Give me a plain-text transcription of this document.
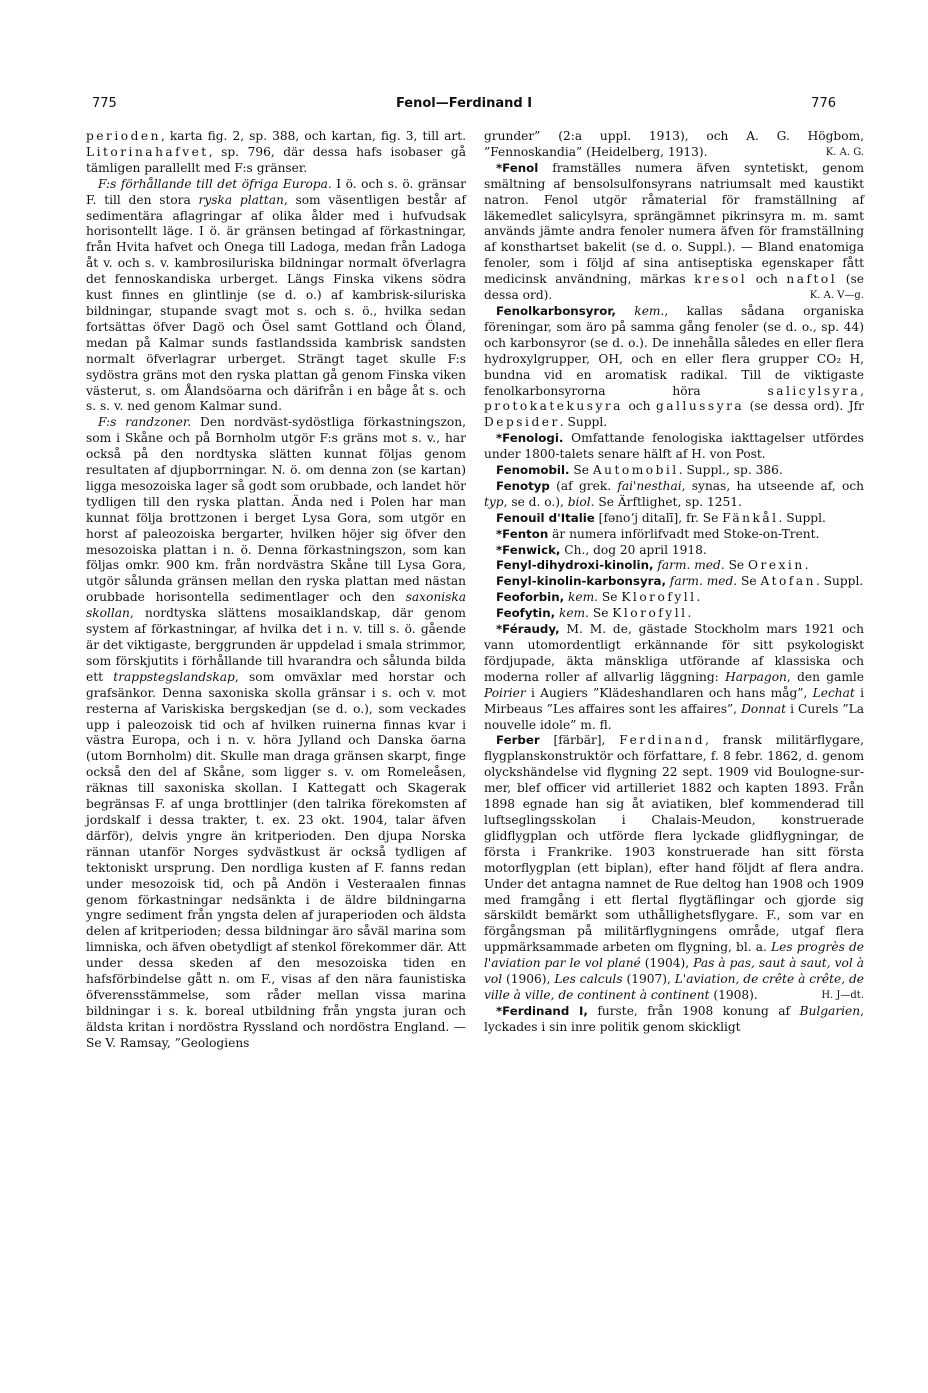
775	Fenol—Ferdinand I	776

perioden, karta fig. 2, sp. 388, och kartan, fig. 3, till art. Litorinahafvet, sp. 796, där dessa hafs isobaser gå tämligen parallellt med F:s gränser.

F:s förhållande till det öfriga Europa. I ö. och s. ö. gränsar F. till den stora ryska plattan, som väsentligen består af sedimentära aflagringar af olika ålder med i hufvudsak horisontellt läge. I ö. är gränsen betingad af förkastningar, från Hvita hafvet och Onega till Ladoga, medan från Ladoga åt v. och s. v. kambrosiluriska bildningar normalt öfverlagra det fennoskandiska urberget. Längs Finska vikens södra kust finnes en glintlinje (se d. o.) af kambrisk-siluriska bildningar, stupande svagt mot s. och s. ö., hvilka sedan fortsättas öfver Dagö och Ösel samt Gottland och Öland, medan på Kalmar sunds fastlandssida kambrisk sandsten normalt öfverlagrar urberget. Strängt taget skulle F:s sydöstra gräns mot den ryska plattan gå genom Finska viken västerut, s. om Ålandsöarna och därifrån i en båge åt s. och s. s. v. ned genom Kalmar sund.

F:s randzoner. Den nordväst-sydöstliga förkastningszon, som i Skåne och på Bornholm utgör F:s gräns mot s. v., har också på den nordtyska slätten kunnat följas genom resultaten af djupborrningar. N. ö. om denna zon (se kartan) ligga mesozoiska lager så godt som orubbade, och landet hör tydligen till den ryska plattan. Ända ned i Polen har man kunnat följa brottzonen i berget Lysa Gora, som utgör en horst af paleozoiska bergarter, hvilken höjer sig öfver den mesozoiska plattan i n. ö. Denna förkastningszon, som kan följas omkr. 900 km. från nordvästra Skåne till Lysa Gora, utgör sålunda gränsen mellan den ryska plattan med nästan orubbade horisontella sedimentlager och den saxoniska skollan, nordtyska slättens mosaiklandskap, där genom system af förkastningar, af hvilka det i n. v. till s. ö. gående är det viktigaste, berggrunden är uppdelad i smala strimmor, som förskjutits i förhållande till hvarandra och sålunda bilda ett trappstegslandskap, som omväxlar med horstar och grafsänkor. Denna saxoniska skolla gränsar i s. och v. mot resterna af Variskiska bergskedjan (se d. o.), som veckades upp i paleozoisk tid och af hvilken ruinerna finnas kvar i västra Europa, och i n. v. höra Jylland och Danska öarna (utom Bornholm) dit. Skulle man draga gränsen skarpt, finge också den del af Skåne, som ligger s. v. om Romeleåsen, räknas till saxoniska skollan. I Kattegatt och Skagerak begränsas F. af unga brottlinjer (den talrika förekomsten af jordskalf i dessa trakter, t. ex. 23 okt. 1904, talar äfven därför), delvis yngre än kritperioden. Den djupa Norska rännan utanför Norges sydvästkust är också tydligen af tektoniskt ursprung. Den nordliga kusten af F. fanns redan under mesozoisk tid, och på Andön i Vesteraalen finnas genom förkastningar nedsänkta i de äldre bildningarna yngre sediment från yngsta delen af juraperioden och äldsta delen af kritperioden; dessa bildningar äro såväl marina som limniska, och äfven obetydligt af stenkol förekommer där. Att under dessa skeden af den mesozoiska tiden en hafsförbindelse gått n. om F., visas af den nära faunistiska öfverensstämmelse, som råder mellan vissa marina bildningar i s. k. boreal utbildning från yngsta juran och äldsta kritan i nordöstra Ryssland och nordöstra England. — Se V. Ramsay, ”Geologiens

grunder” (2:a uppl. 1913), och A. G. Högbom, ”Fennoskandia” (Heidelberg, 1913).	K. A. G.

*Fenol framställes numera äfven syntetiskt, genom smältning af bensolsulfonsyrans natriumsalt med kaustikt natron. Fenol utgör råmaterial för framställning af läkemedlet salicylsyra, sprängämnet pikrinsyra m. m. samt används jämte andra fenoler numera äfven för framställning af konsthartset bakelit (se d. o. Suppl.). — Bland enatomiga fenoler, som i följd af sina antiseptiska egenskaper fått medicinsk användning, märkas kresol och naftol (se dessa ord).	K. A. V—g.

Fenolkarbonsyror, kem., kallas sådana organiska föreningar, som äro på samma gång fenoler (se d. o., sp. 44) och karbonsyror (se d. o.). De innehålla således en eller flera hydroxylgrupper, OH, och en eller flera grupper CO₂ H, bundna vid en aromatisk radikal. Till de viktigaste fenolkarbonsyrorna höra salicylsyra, protokatekusyra och gallussyra (se dessa ord). Jfr Depsider. Suppl.

*Fenologi. Omfattande fenologiska iakttagelser utfördes under 1800-talets senare hälft af H. von Post.

Fenomobil. Se Automobil. Suppl., sp. 386.

Fenotyp (af grek. fai'nesthai, synas, ha utseende af, och typ, se d. o.), biol. Se Ärftlighet, sp. 1251.

Fenouil d'Italie [fənoʼj ditalī], fr. Se Fänkål. Suppl.

*Fenton är numera införlifvadt med Stoke-on-Trent.

*Fenwick, Ch., dog 20 april 1918.

Fenyl-dihydroxi-kinolin, farm. med. Se Orexin.

Fenyl-kinolin-karbonsyra, farm. med. Se Atofan. Suppl.

Feoforbin, kem. Se Klorofyll.

Feofytin, kem. Se Klorofyll.

*Féraudy, M. M. de, gästade Stockholm mars 1921 och vann utomordentligt erkännande för sitt psykologiskt fördjupade, äkta mänskliga utförande af klassiska och moderna roller af allvarlig läggning: Harpagon, den gamle Poirier i Augiers ”Klädeshandlaren och hans måg”, Lechat i Mirbeaus ”Les affaires sont les affaires”, Donnat i Curels ”La nouvelle idole” m. fl.

Ferber [färbär], Ferdinand, fransk militärflygare, flygplanskonstruktör och författare, f. 8 febr. 1862, d. genom olyckshändelse vid flygning 22 sept. 1909 vid Boulogne-sur-mer, blef officer vid artilleriet 1882 och kapten 1893. Från 1898 egnade han sig åt aviatiken, blef kommenderad till luftseglingsskolan i Chalais-Meudon, konstruerade glidflygplan och utförde flera lyckade glidflygningar, de första i Frankrike. 1903 konstruerade han sitt första motorflygplan (ett biplan), efter hand följdt af flera andra. Under det antagna namnet de Rue deltog han 1908 och 1909 med framgång i ett flertal flygtäflingar och gjorde sig särskildt bemärkt som uthållighetsflygare. F., som var en förgångsman på militärflygningens område, utgaf flera uppmärksammade arbeten om flygning, bl. a. Les progrès de l'aviation par le vol plané (1904), Pas à pas, saut à saut, vol à vol (1906), Les calculs (1907), L'aviation, de crête à crête, de ville à ville, de continent à continent (1908).	H. J—dt.

*Ferdinand I, furste, från 1908 konung af Bulgarien, lyckades i sin inre politik genom skickligt
